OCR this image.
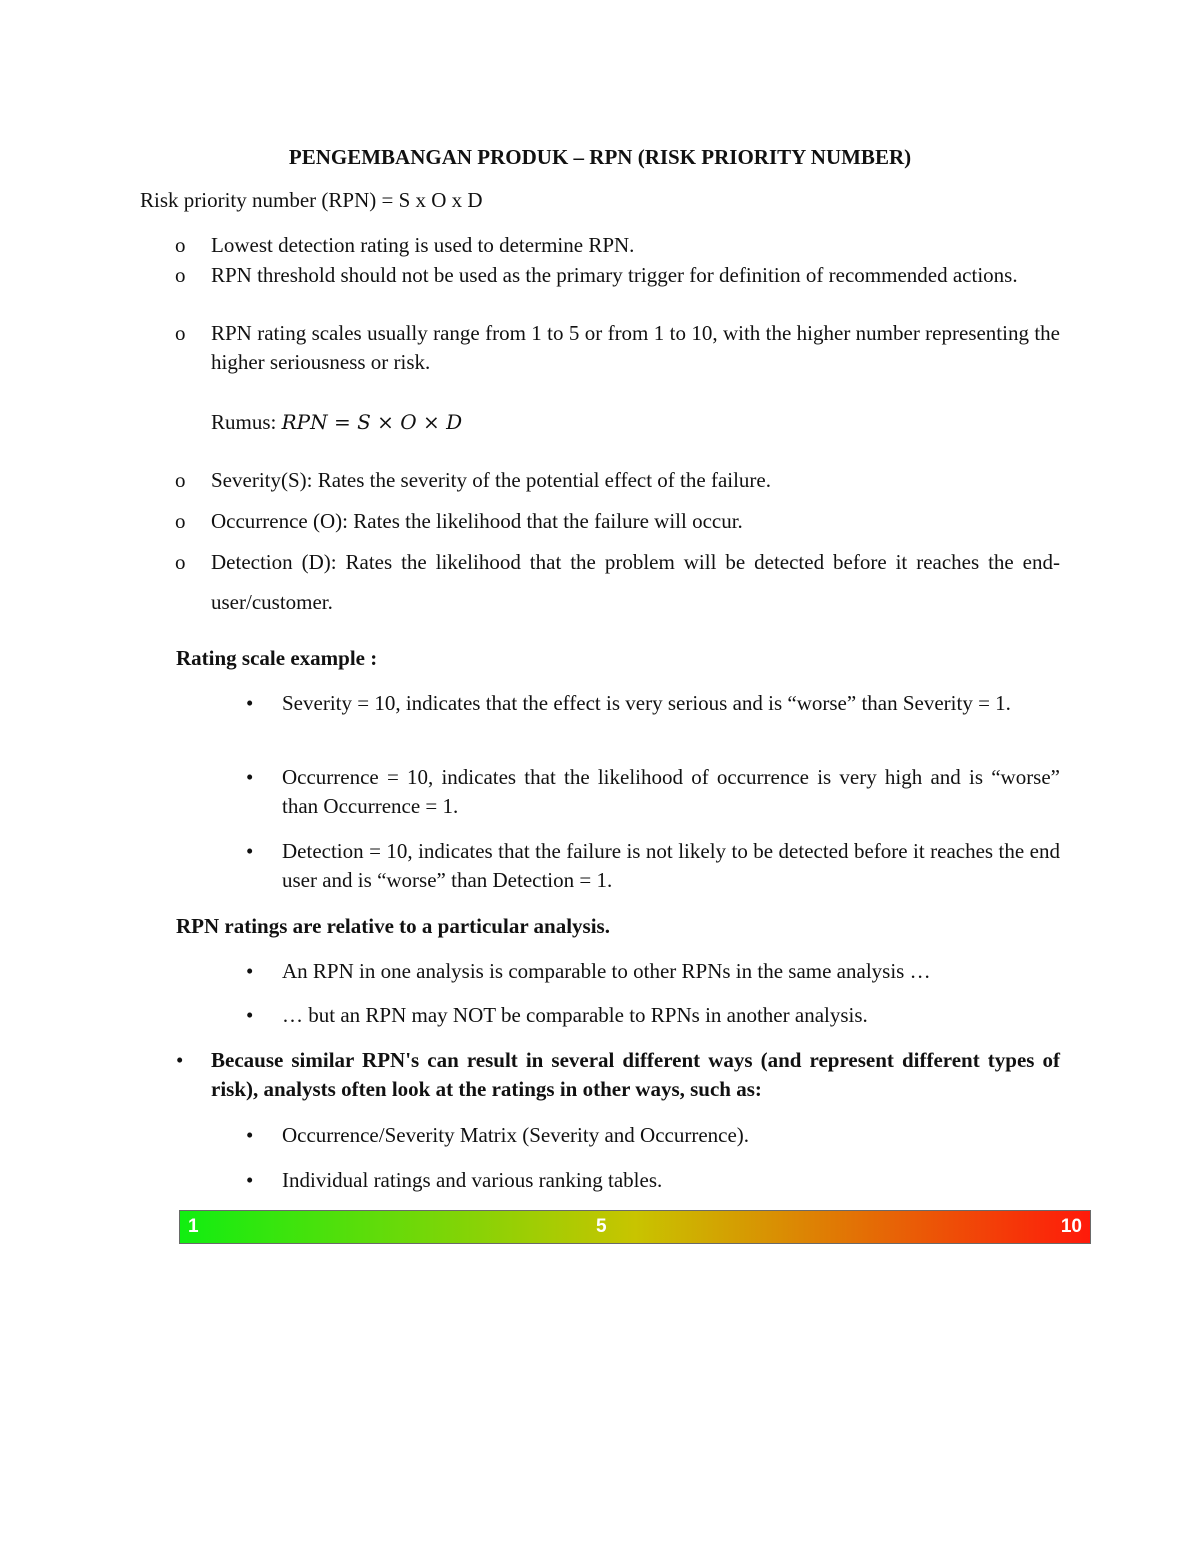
PENGEMBANGAN PRODUK – RPN (RISK PRIORITY NUMBER)
Risk priority number (RPN) = S x O x D
o	Lowest detection rating is used to determine RPN.
o	RPN threshold should not be used as the primary trigger for definition of recommended actions.
o	RPN rating scales usually range from 1 to 5 or from 1 to 10, with the higher number representing the higher seriousness or risk.
Rumus: RPN = S × O × D
o	Severity(S): Rates the severity of the potential effect of the failure.
o	Occurrence (O): Rates the likelihood that the failure will occur.
o	Detection (D): Rates the likelihood that the problem will be detected before it reaches the end-user/customer.
Rating scale example :
•	Severity = 10, indicates that the effect is very serious and is “worse” than Severity = 1.
•	Occurrence = 10, indicates that the likelihood of occurrence is very high and is “worse” than Occurrence = 1.
•	Detection = 10, indicates that the failure is not likely to be detected before it reaches the end user and is “worse” than Detection = 1.
RPN ratings are relative to a particular analysis.
•	An RPN in one analysis is comparable to other RPNs in the same analysis …
•	… but an RPN may NOT be comparable to RPNs in another analysis.
•	Because similar RPN's can result in several different ways (and represent different types of risk), analysts often look at the ratings in other ways, such as:
•	Occurrence/Severity Matrix (Severity and Occurrence).
•	Individual ratings and various ranking tables.
1	5	10
